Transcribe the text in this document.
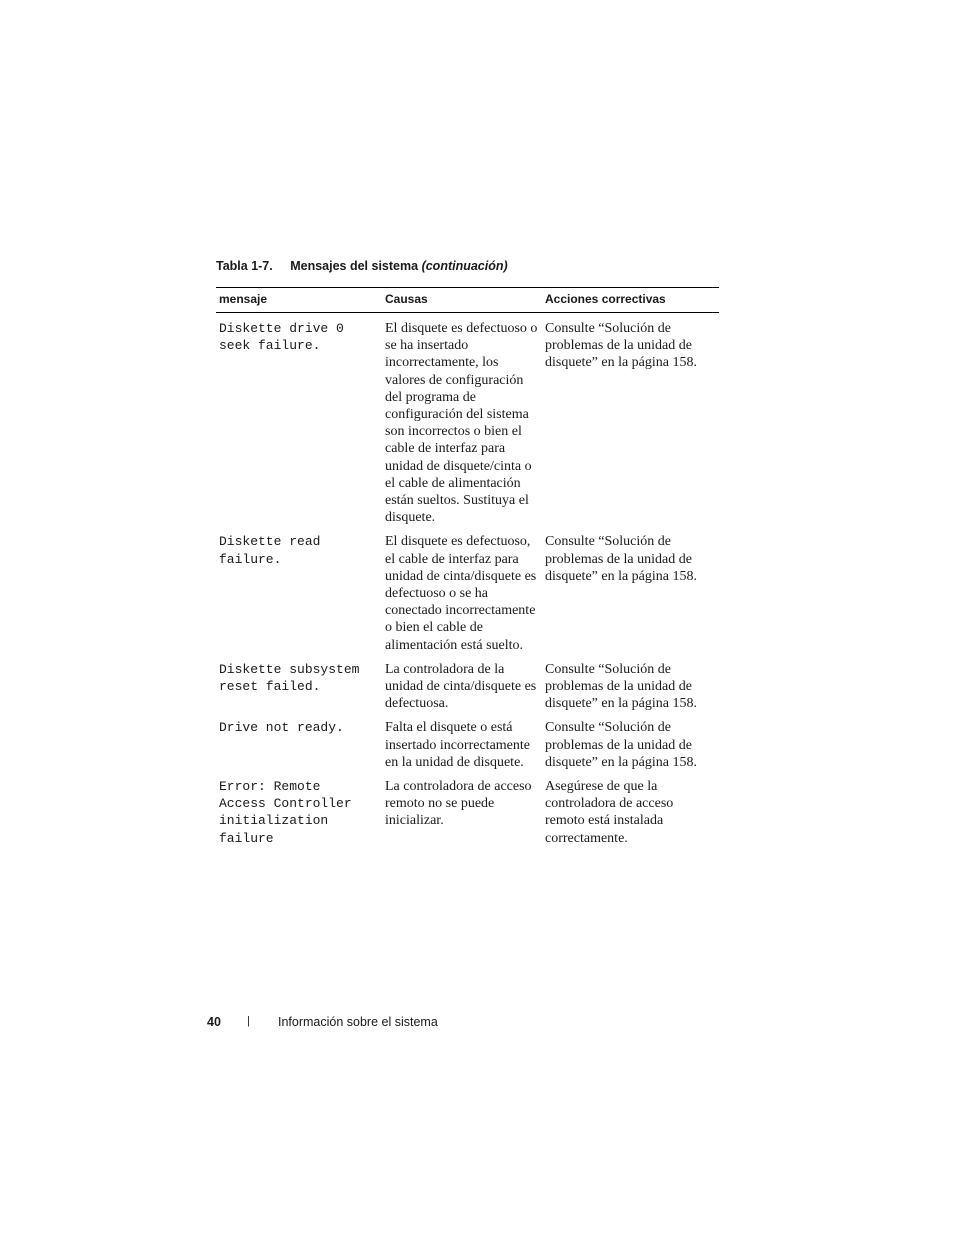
Tabla 1-7. Mensajes del sistema (continuación)
mensaje	Causas	Acciones correctivas
Diskette drive 0
seek failure.	El disquete es defectuoso o se ha insertado incorrectamente, los valores de configuración del programa de configuración del sistema son incorrectos o bien el cable de interfaz para unidad de disquete/cinta o el cable de alimentación están sueltos. Sustituya el disquete.	Consulte “Solución de problemas de la unidad de disquete” en la página 158.
Diskette read
failure.	El disquete es defectuoso, el cable de interfaz para unidad de cinta/disquete es defectuoso o se ha conectado incorrectamente o bien el cable de alimentación está suelto.	Consulte “Solución de problemas de la unidad de disquete” en la página 158.
Diskette subsystem
reset failed.	La controladora de la unidad de cinta/disquete es defectuosa.	Consulte “Solución de problemas de la unidad de disquete” en la página 158.
Drive not ready.	Falta el disquete o está insertado incorrectamente en la unidad de disquete.	Consulte “Solución de problemas de la unidad de disquete” en la página 158.
Error: Remote
Access Controller
initialization
failure	La controladora de acceso remoto no se puede inicializar.	Asegúrese de que la controladora de acceso remoto está instalada correctamente.
40 | Información sobre el sistema
